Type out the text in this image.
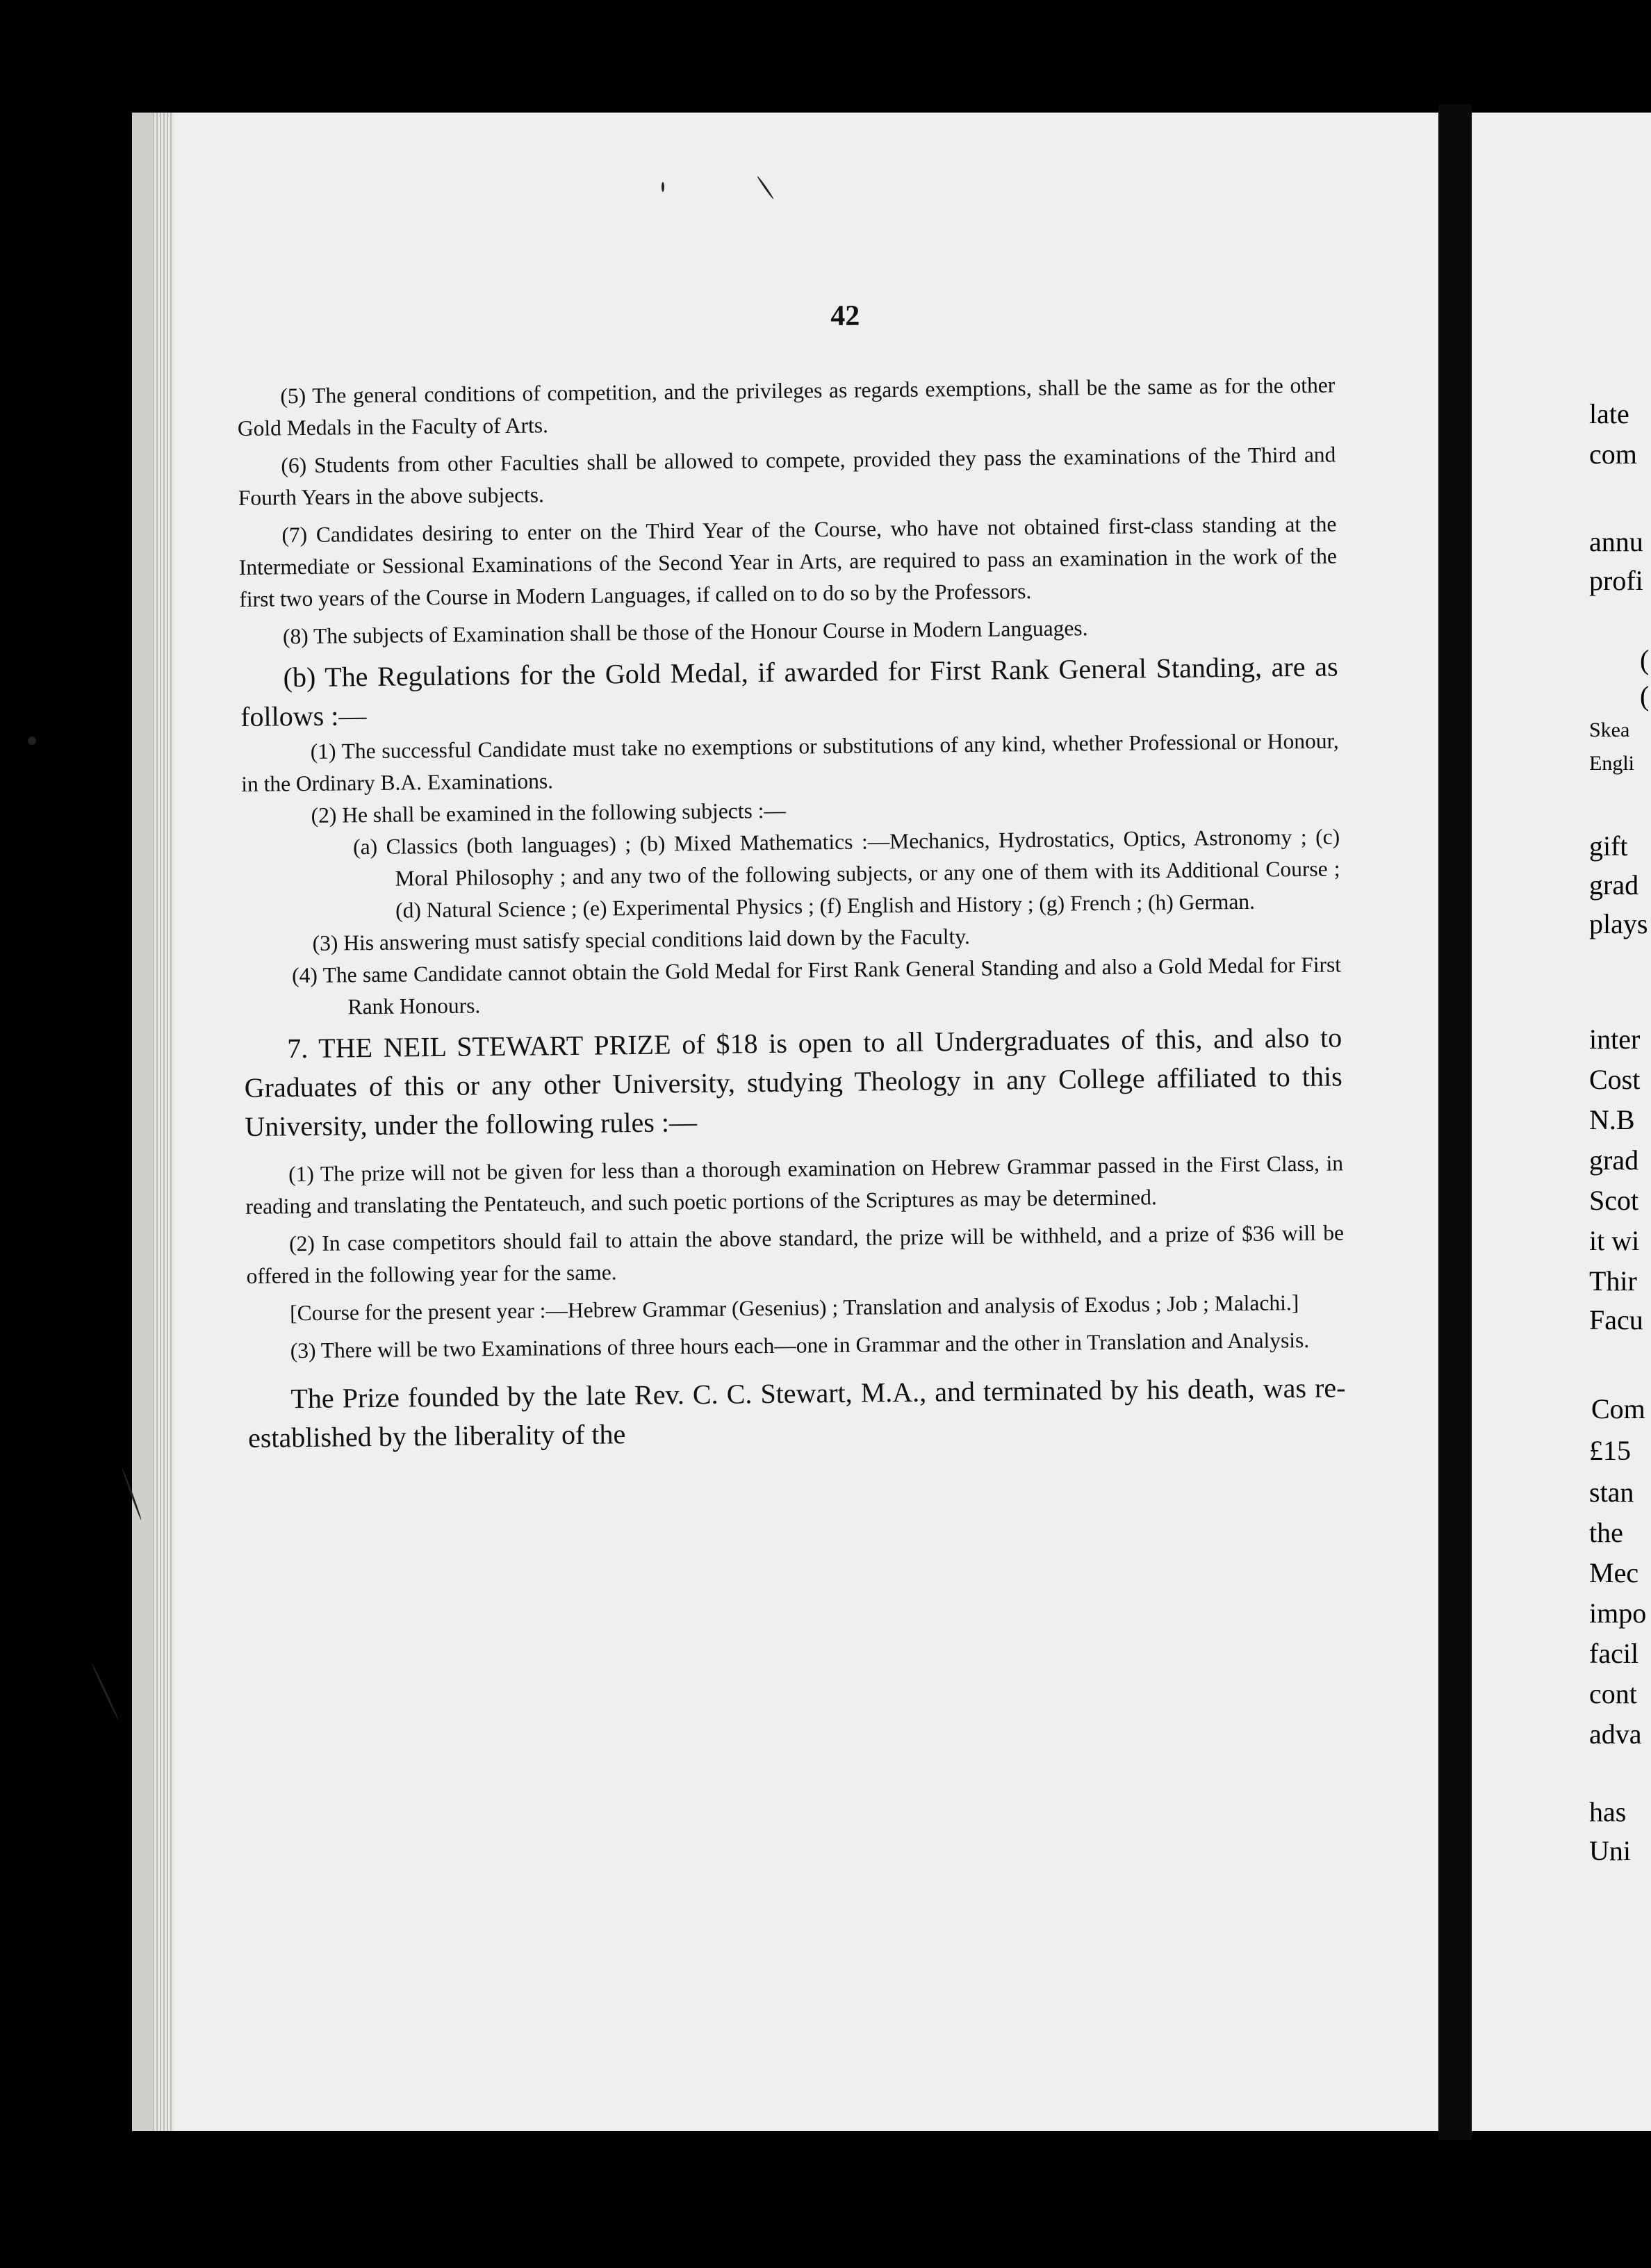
42

(5) The general conditions of competition, and the privileges as regards exemptions, shall be the same as for the other Gold Medals in the Faculty of Arts.

(6) Students from other Faculties shall be allowed to compete, provided they pass the examinations of the Third and Fourth Years in the above subjects.

(7) Candidates desiring to enter on the Third Year of the Course, who have not obtained first-class standing at the Intermediate or Sessional Examinations of the Second Year in Arts, are required to pass an examination in the work of the first two years of the Course in Modern Languages, if called on to do so by the Professors.

(8) The subjects of Examination shall be those of the Honour Course in Modern Languages.

(b) The Regulations for the Gold Medal, if awarded for First Rank General Standing, are as follows :—

(1) The successful Candidate must take no exemptions or substitutions of any kind, whether Professional or Honour, in the Ordinary B.A. Examinations.

(2) He shall be examined in the following subjects :—

(a) Classics (both languages) ; (b) Mixed Mathematics :—Mechanics, Hydrostatics, Optics, Astronomy ; (c) Moral Philosophy ; and any two of the following subjects, or any one of them with its Additional Course ; (d) Natural Science ; (e) Experimental Physics ; (f) English and History ; (g) French ; (h) German.

(3) His answering must satisfy special conditions laid down by the Faculty.

(4) The same Candidate cannot obtain the Gold Medal for First Rank General Standing and also a Gold Medal for First Rank Honours.

7. THE NEIL STEWART PRIZE of $18 is open to all Undergraduates of this, and also to Graduates of this or any other University, studying Theology in any College affiliated to this University, under the following rules :—

(1) The prize will not be given for less than a thorough examination on Hebrew Grammar passed in the First Class, in reading and translating the Pentateuch, and such poetic portions of the Scriptures as may be determined.

(2) In case competitors should fail to attain the above standard, the prize will be withheld, and a prize of $36 will be offered in the following year for the same.

[Course for the present year :—Hebrew Grammar (Gesenius) ; Translation and analysis of Exodus ; Job ; Malachi.]

(3) There will be two Examinations of three hours each—one in Grammar and the other in Translation and Analysis.

The Prize founded by the late Rev. C. C. Stewart, M.A., and terminated by his death, was re-established by the liberality of the

late
com
annu
profi
(
(
Skea
Engli
gift
grad
plays
inter
Cost
N.B
grad
Scot
it wi
Thir
Facu
Com
£15
stan
the
Mec
impo
facil
cont
adva
has
Uni
